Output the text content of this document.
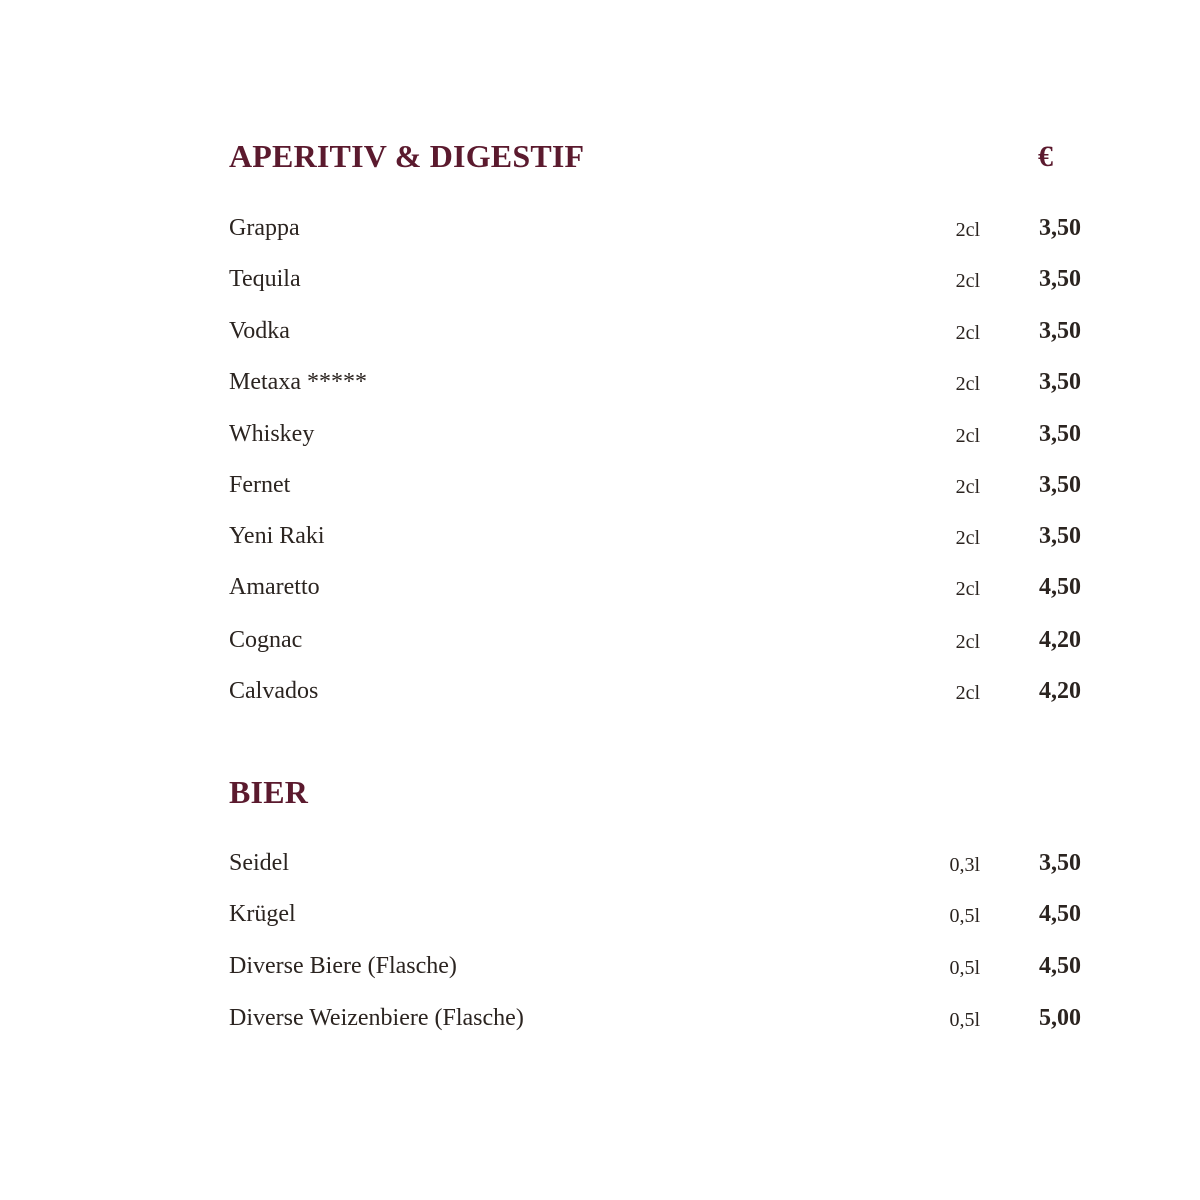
APERITIV & DIGESTIF	€
Grappa	2cl 3,50
Tequila	2cl 3,50
Vodka	2cl 3,50
Metaxa *****	2cl 3,50
Whiskey	2cl 3,50
Fernet	2cl 3,50
Yeni Raki	2cl 3,50
Amaretto	2cl 4,50
Cognac	2cl 4,20
Calvados	2cl 4,20
BIER
Seidel	0,3l 3,50
Krügel	0,5l 4,50
Diverse Biere (Flasche)	0,5l 4,50
Diverse Weizenbiere (Flasche)	0,5l 5,00
